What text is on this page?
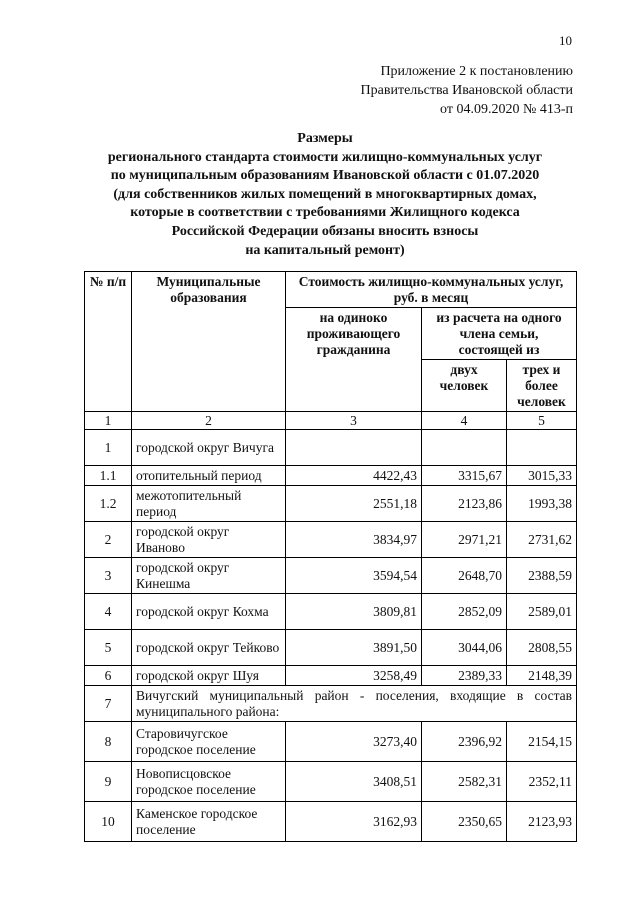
10
Приложение 2 к постановлению
Правительства Ивановской области
от 04.09.2020 № 413-п
Размеры
регионального стандарта стоимости жилищно-коммунальных услуг
по муниципальным образованиям Ивановской области с 01.07.2020
(для собственников жилых помещений в многоквартирных домах,
которые в соответствии с требованиями Жилищного кодекса
Российской Федерации обязаны вносить взносы
на капитальный ремонт)
№ п/п	Муниципальные образования	Стоимость жилищно-коммунальных услуг, руб. в месяц		
		на одиноко проживающего гражданина	из расчета на одного члена семьи, состоящей из	
			двух человек	трех и более человек
1	2	3	4	5
1	городской округ Вичуга			
1.1	отопительный период	4422,43	3315,67	3015,33
1.2	межотопительный период	2551,18	2123,86	1993,38
2	городской округ Иваново	3834,97	2971,21	2731,62
3	городской округ Кинешма	3594,54	2648,70	2388,59
4	городской округ Кохма	3809,81	2852,09	2589,01
5	городской округ Тейково	3891,50	3044,06	2808,55
6	городской округ Шуя	3258,49	2389,33	2148,39
7	Вичугский муниципальный район - поселения, входящие в состав муниципального района:			
8	Старовичугское городское поселение	3273,40	2396,92	2154,15
9	Новописцовское городское поселение	3408,51	2582,31	2352,11
10	Каменское городское поселение	3162,93	2350,65	2123,93
